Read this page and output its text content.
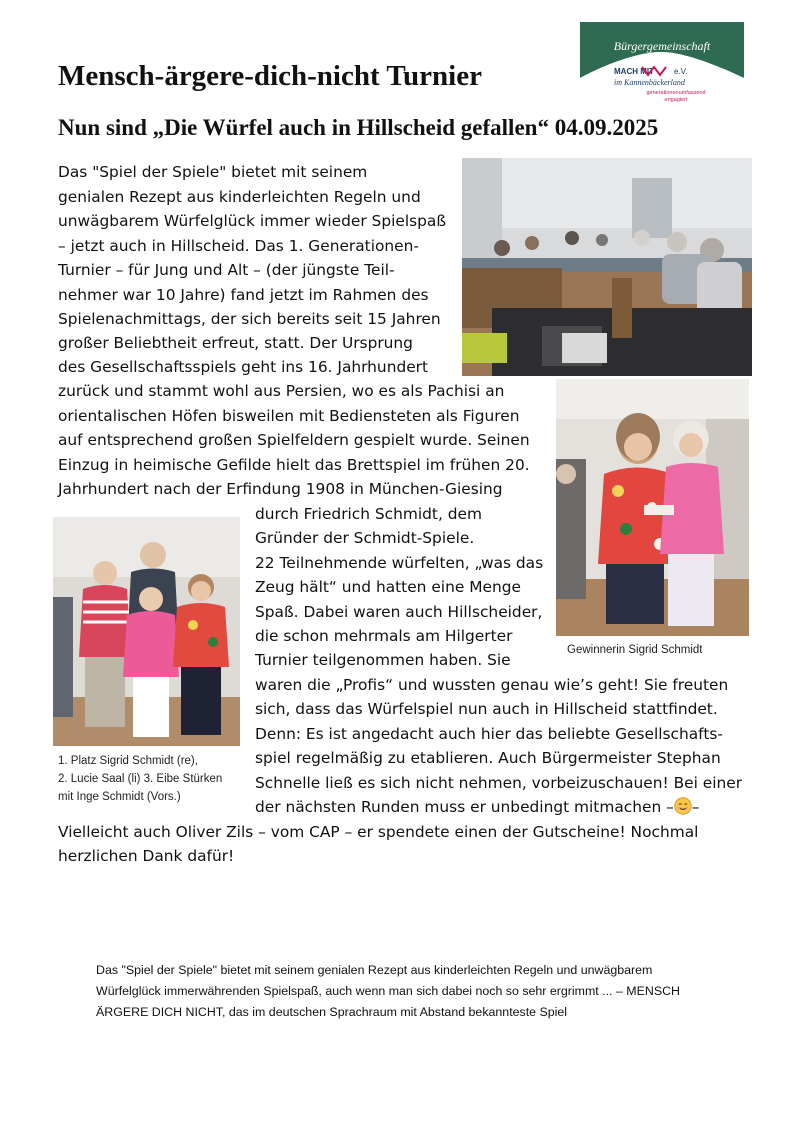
Mensch-ärgere-dich-nicht Turnier
Nun sind „Die Würfel auch in Hillscheid gefallen“ 04.09.2025
Bürgergemeinschaft
MACH MIT	e.V.
im Kannenbäckerland
generationenumfassend
engagiert

Gewinnerin Sigrid Schmidt

1. Platz Sigrid Schmidt (re),

2. Lucie Saal (li) 3. Eibe Stürken

mit Inge Schmidt (Vors.)

Das "Spiel der Spiele" bietet mit seinem

genialen Rezept aus kinderleichten Regeln und

unwägbarem Würfelglück immer wieder Spielspaß

– jetzt auch in Hillscheid. Das 1. Generationen-

Turnier – für Jung und Alt – (der jüngste Teil-

nehmer war 10 Jahre) fand jetzt im Rahmen des

Spielenachmittags, der sich bereits seit 15 Jahren

großer Beliebtheit erfreut, statt. Der Ursprung

des Gesellschaftsspiels geht ins 16. Jahrhundert

zurück und stammt wohl aus Persien, wo es als Pachisi an

orientalischen Höfen bisweilen mit Bediensteten als Figuren

auf entsprechend großen Spielfeldern gespielt wurde. Seinen

Einzug in heimische Gefilde hielt das Brettspiel im frühen 20.

Jahrhundert nach der Erfindung 1908 in München-Giesing

durch Friedrich Schmidt, dem

Gründer der Schmidt-Spiele.

22 Teilnehmende würfelten, „was das

Zeug hält“ und hatten eine Menge

Spaß. Dabei waren auch Hillscheider,

die schon mehrmals am Hilgerter

Turnier teilgenommen haben. Sie

waren die „Profis“ und wussten genau wie’s geht! Sie freuten

sich, dass das Würfelspiel nun auch in Hillscheid stattfindet.

Denn: Es ist angedacht auch hier das beliebte Gesellschafts-

spiel regelmäßig zu etablieren. Auch Bürgermeister Stephan

Schnelle ließ es sich nicht nehmen, vorbeizuschauen! Bei einer

der nächsten Runden muss er unbedingt mitmachen – –

Vielleicht auch Oliver Zils – vom CAP – er spendete einen der Gutscheine! Nochmal

herzlichen Dank dafür!

Das "Spiel der Spiele" bietet mit seinem genialen Rezept aus kinderleichten Regeln und unwägbarem

Würfelglück immerwährenden Spielspaß, auch wenn man sich dabei noch so sehr ergrimmt ... – MENSCH

ÄRGERE DICH NICHT, das im deutschen Sprachraum mit Abstand bekannteste Spiel
